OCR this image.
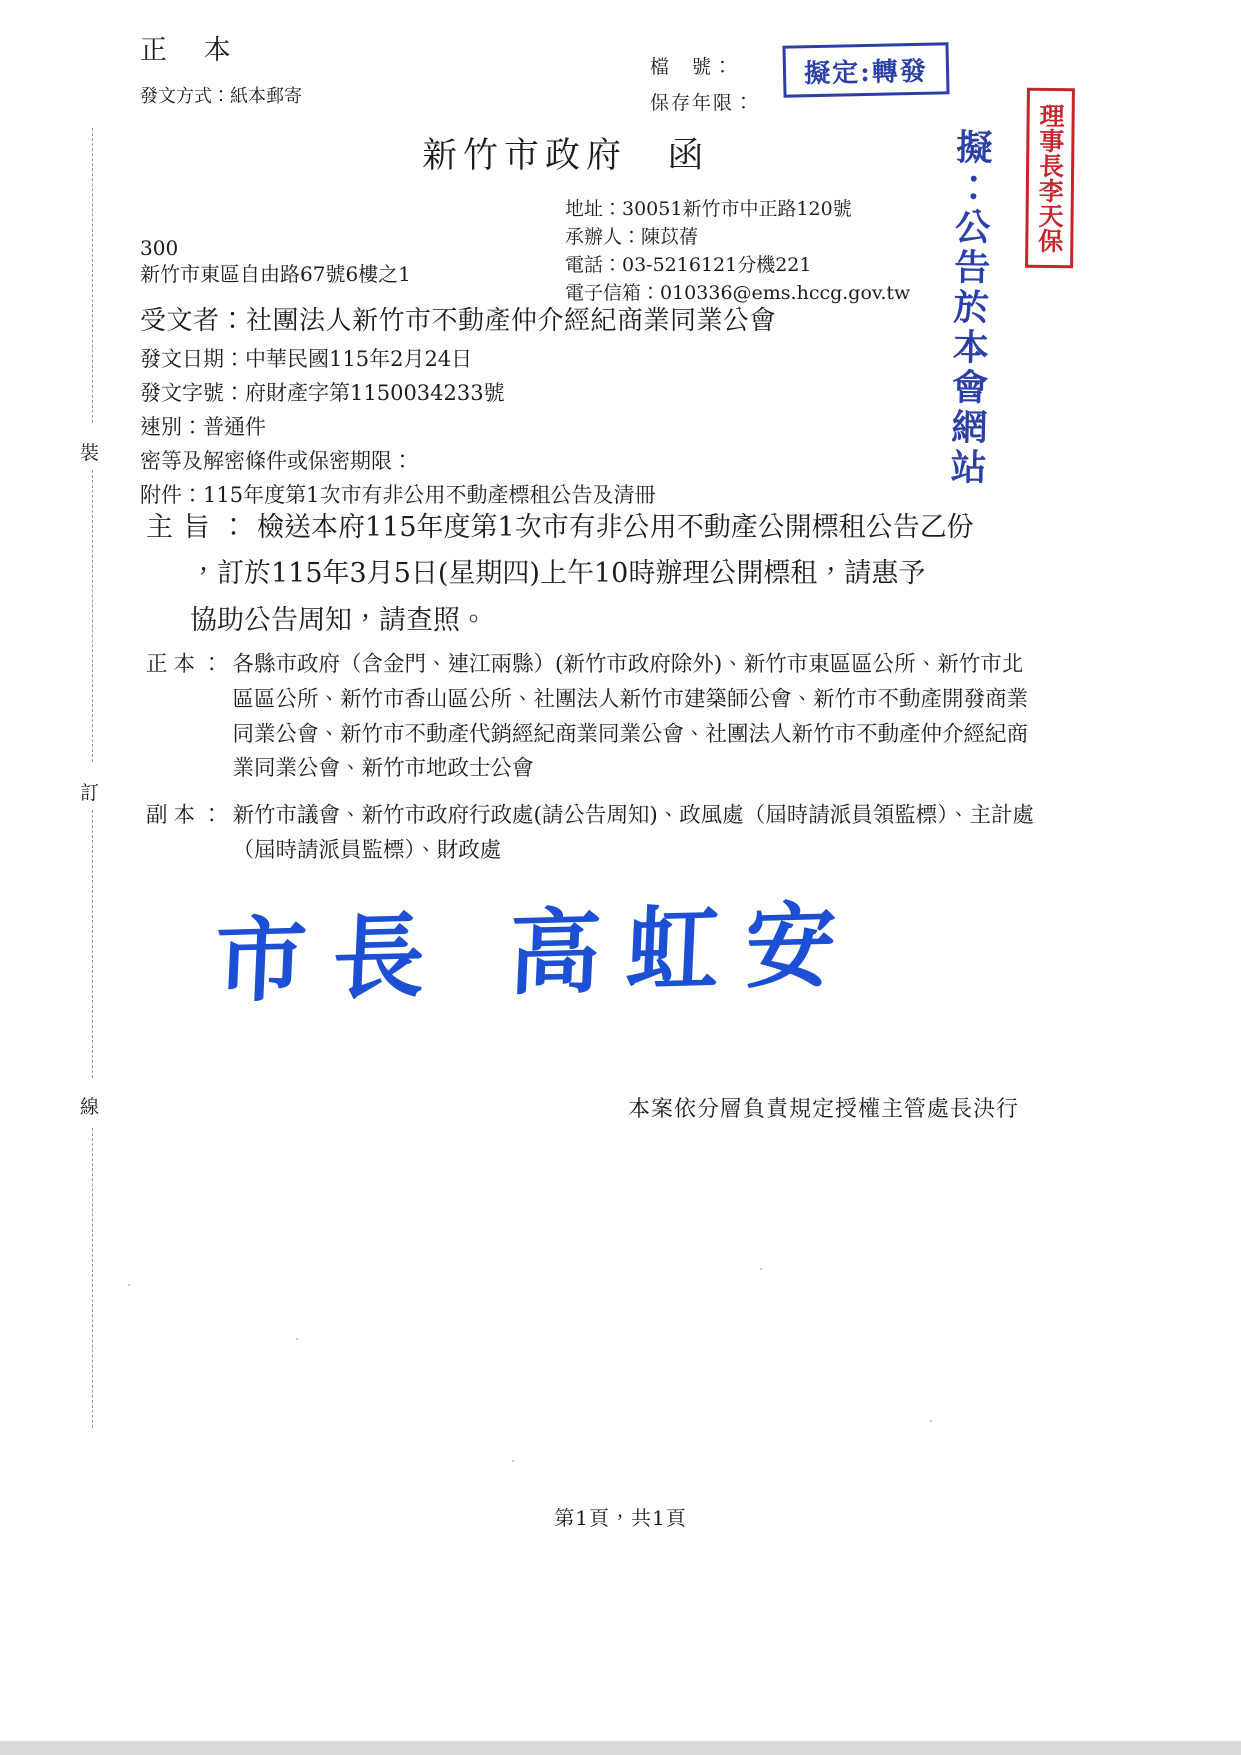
正 本
發文方式：紙本郵寄
檔　號：
保存年限：
擬定:轉發
理事長李天保
擬：公告於本會網站
新竹市政府　函
地址：30051新竹市中正路120號
承辦人：陳苡蒨
電話：03-5216121分機221
電子信箱：010336@ems.hccg.gov.tw
300
新竹市東區自由路67號6樓之1
受文者：社團法人新竹市不動產仲介經紀商業同業公會
發文日期：中華民國115年2月24日
發文字號：府財產字第1150034233號
速別：普通件
密等及解密條件或保密期限：
附件：115年度第1次市有非公用不動產標租公告及清冊

主旨：檢送本府115年度第1次市有非公用不動產公開標租公告乙份

，訂於115年3月5日(星期四)上午10時辦理公開標租，請惠予

協助公告周知，請查照。

正本： 各縣市政府（含金門、連江兩縣）(新竹市政府除外)、新竹市東區區公所、新竹市北區區公所、新竹市香山區公所、社團法人新竹市建築師公會、新竹市不動產開發商業同業公會、新竹市不動產代銷經紀商業同業公會、社團法人新竹市不動產仲介經紀商業同業公會、新竹市地政士公會
副本： 新竹市議會、新竹市政府行政處(請公告周知)、政風處（屆時請派員領監標）、主計處（屆時請派員監標）、財政處
市長 高虹安
本案依分層負責規定授權主管處長決行
裝
訂
線
第1頁，共1頁
